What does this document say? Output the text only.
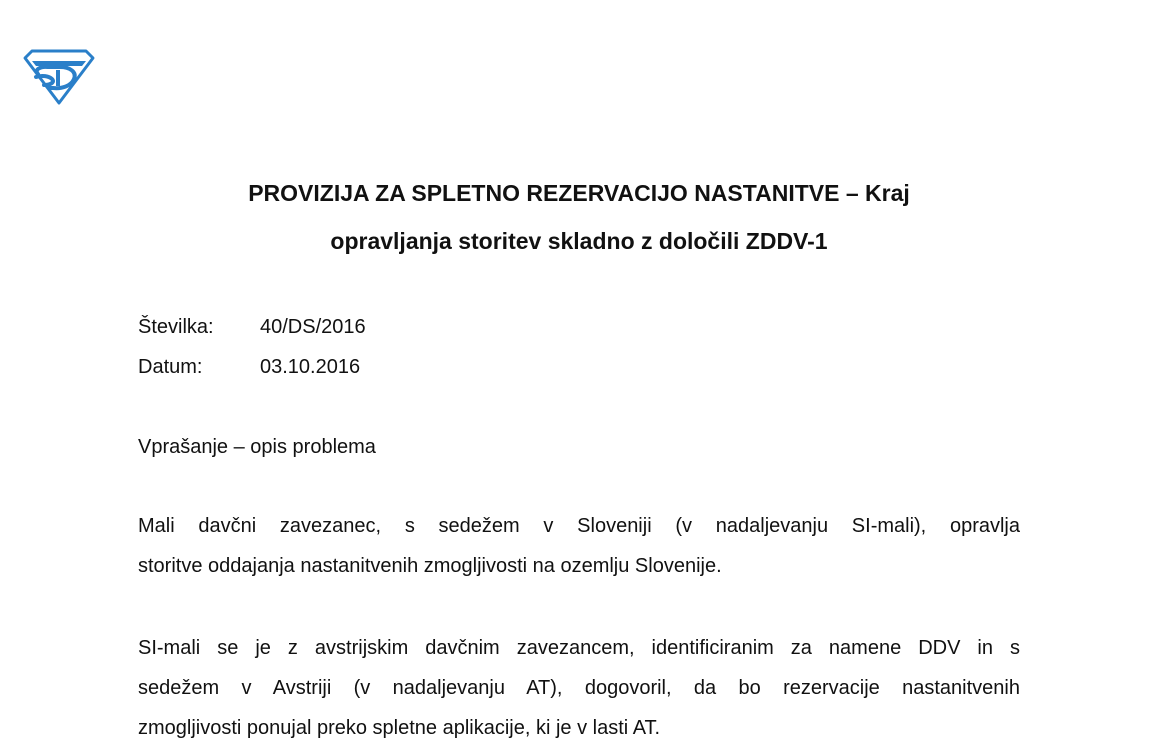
PROVIZIJA ZA SPLETNO REZERVACIJO NASTANITVE – Kraj
opravljanja storitev skladno z določili ZDDV-1
Številka: 40/DS/2016
Datum:	03.10.2016
Vprašanje – opis problema
Mali davčni zavezanec, s sedežem v Sloveniji (v nadaljevanju SI-mali), opravlja
storitve oddajanja nastanitvenih zmogljivosti na ozemlju Slovenije.
SI-mali se je z avstrijskim davčnim zavezancem, identificiranim za namene DDV in s
sedežem v Avstriji (v nadaljevanju AT), dogovoril, da bo rezervacije nastanitvenih
zmogljivosti ponujal preko spletne aplikacije, ki je v lasti AT.
